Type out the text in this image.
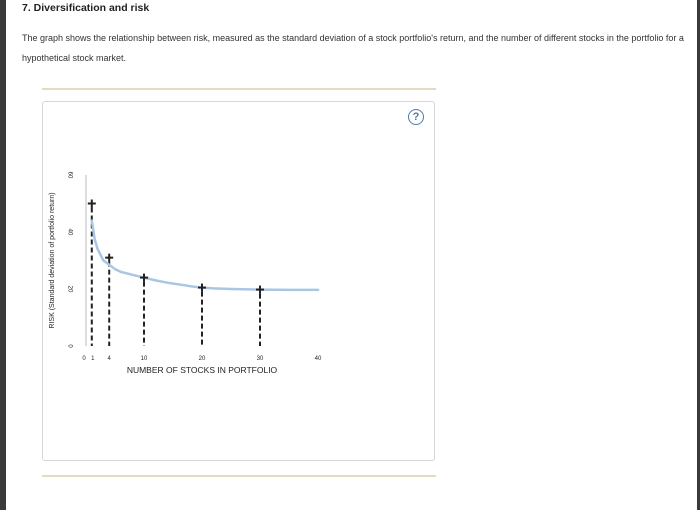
7. Diversification and risk
The graph shows the relationship between risk, measured as the standard deviation of a stock portfolio's return, and the number of different stocks in the portfolio for a hypothetical stock market.
?
0
20
40
60
0 1 4	10	20	30	40
NUMBER OF STOCKS IN PORTFOLIO
RISK (Standard deviation of portfolio return)
